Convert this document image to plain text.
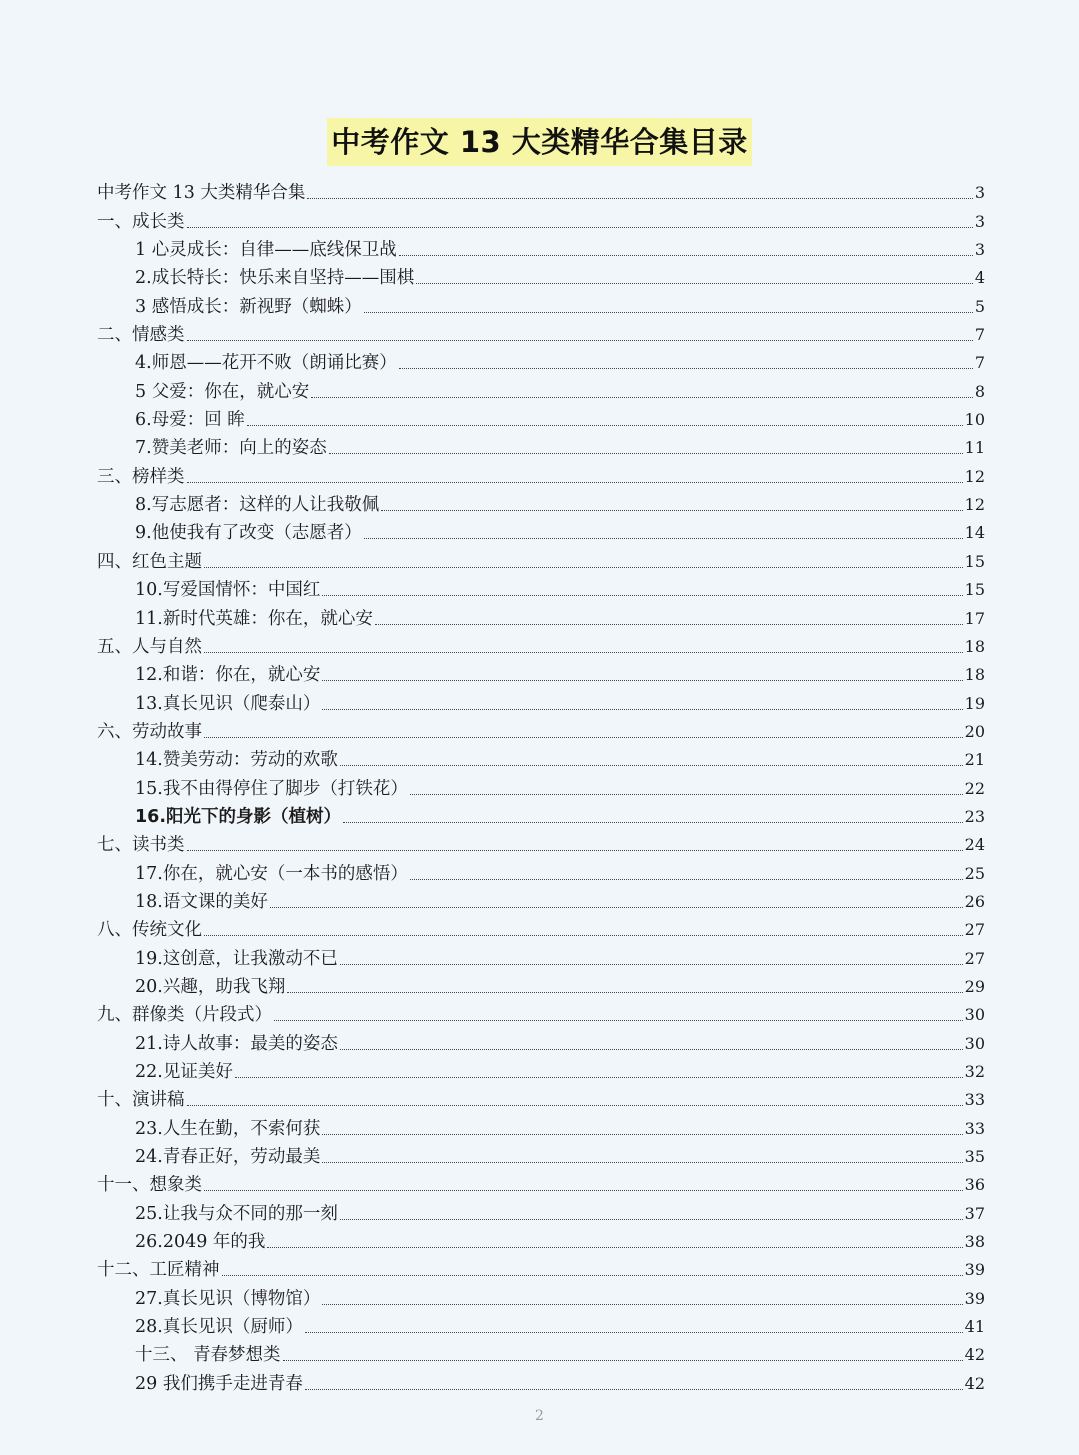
中考作文 13 大类精华合集目录
中考作文 13 大类精华合集	3
一、成长类	3
1 心灵成长：自律——底线保卫战	3
2.成长特长：快乐来自坚持——围棋	4
3 感悟成长：新视野（蜘蛛）	5
二、情感类	7
4.师恩——花开不败（朗诵比赛）	7
5 父爱：你在，就心安	8
6.母爱：回 眸	10
7.赞美老师：向上的姿态	11
三、榜样类	12
8.写志愿者：这样的人让我敬佩	12
9.他使我有了改变（志愿者）	14
四、红色主题	15
10.写爱国情怀：中国红	15
11.新时代英雄：你在，就心安	17
五、人与自然	18
12.和谐：你在，就心安	18
13.真长见识（爬泰山）	19
六、劳动故事	20
14.赞美劳动：劳动的欢歌	21
15.我不由得停住了脚步（打铁花）	22
16.阳光下的身影（植树）	23
七、读书类	24
17.你在，就心安（一本书的感悟）	25
18.语文课的美好	26
八、传统文化	27
19.这创意，让我激动不已	27
20.兴趣，助我飞翔	29
九、群像类（片段式）	30
21.诗人故事：最美的姿态	30
22.见证美好	32
十、演讲稿	33
23.人生在勤，不索何获	33
24.青春正好，劳动最美	35
十一、想象类	36
25.让我与众不同的那一刻	37
26.2049 年的我	38
十二、工匠精神	39
27.真长见识（博物馆）	39
28.真长见识（厨师）	41
十三、 青春梦想类	42
29 我们携手走进青春	42
2
